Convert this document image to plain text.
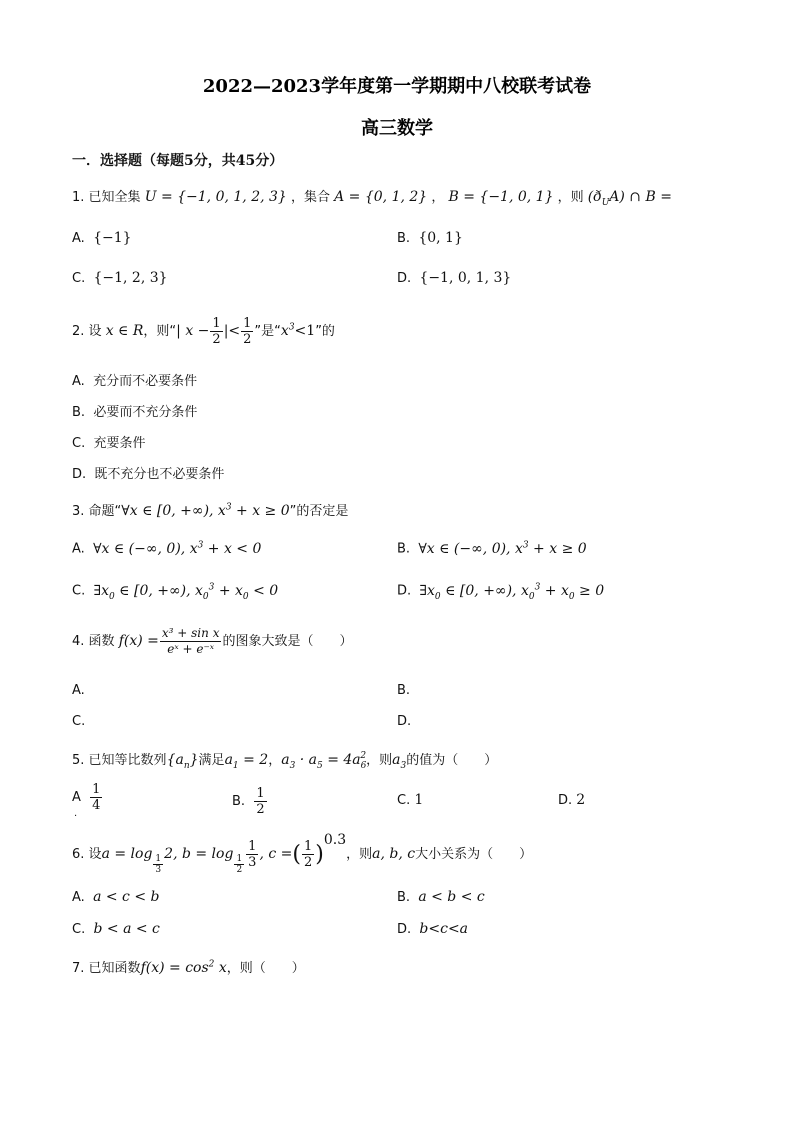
2022—2023学年度第一学期期中八校联考试卷
高三数学
一．选择题（每题5分，共45分）
1. 已知全集 U = {−1, 0, 1, 2, 3} ，集合 A = {0, 1, 2} ， B = {−1, 0, 1} ，则 $(ð_UA)$ ∩ B =
A. {−1}	B. {0, 1}
C. {−1, 2, 3}	D. {−1, 0, 1, 3}
2. 设 x ∈ R，则“| $x - \frac{1}{2}$ |< $\frac{1}{2}$ ”是“$x^3<1$”的
A. 充分而不必要条件
B. 必要而不充分条件
C. 充要条件
D. 既不充分也不必要条件
3. 命题“∀x ∈ [0, +∞), $x^3 + x \ge 0$”的否定是
A. ∀x ∈ (−∞, 0), $x^3 + x < 0$	B. ∀x ∈ (−∞, 0), $x^3 + x \ge 0$
C. $\exists x_0$ ∈ [0, +∞), $x_0^3 + x_0 < 0$	D. $\exists x_0$ ∈ [0, +∞), $x_0^3 + x_0 \ge 0$
4. 函数 $f(x) = \frac{\text{x³ + sin x}}{\text{eˣ + e⁻ˣ}}$ 的图象大致是（　　）
A.	B.
C.	D.
5. 已知等比数列$\{a_n\}$满足$a_1 = 2$，$a_3 \cdot a_5 = 4a_6^2$，则$a_3$的值为（　　）
A $\frac{1}{4}$
.
B. $\frac{1}{2}$	C. 1	D. 2
6. 设$a = \log \frac{1}{3} 2$, $b = \log \frac{1}{2} \frac{1}{3}$ , c =( $\frac{1}{2} )^{0.3}$，则a, b, c大小关系为（　　）
A. a < c < b	B. a < b < c
C. b < a < c	D. b<c<a
7. 已知函数$f(x) = \cos^2 x$，则（　　）
